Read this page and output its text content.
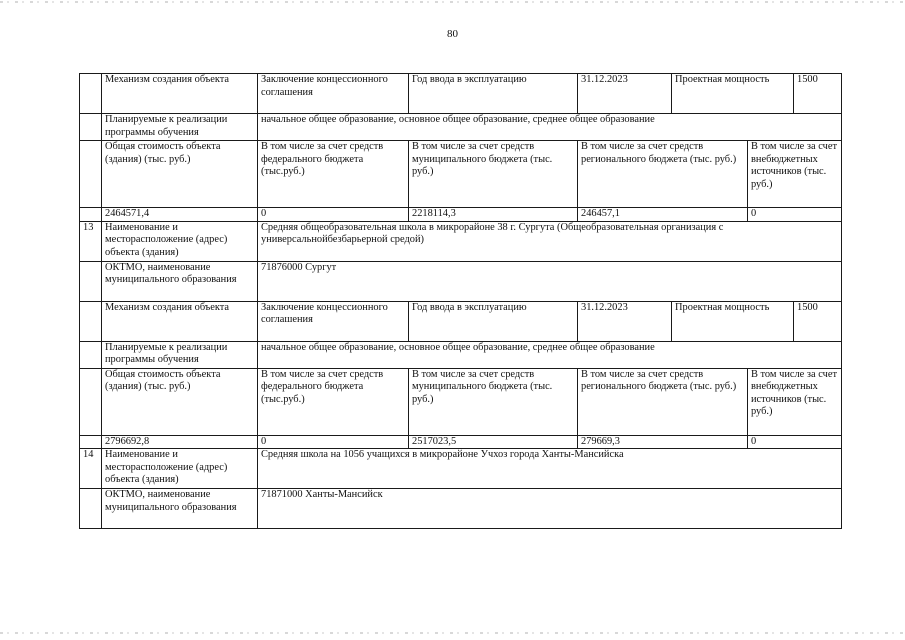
80
	Механизм создания объекта	Заключение концессионного соглашения	Год ввода в эксплуатацию	31.12.2023	Проектная мощность		1500
	Планируемые к реализации программы обучения	начальное общее образование, основное общее образование, среднее общее образование					
	Общая стоимость объекта (здания) (тыс. руб.)	В том числе за счет средств федерального бюджета (тыс.руб.)	В том числе за счет средств муниципального бюджета (тыс. руб.)	В том числе за счет средств регионального бюджета (тыс. руб.)		В том числе за счет внебюджетных источников (тыс. руб.)	
	2464571,4	0	2218114,3	246457,1		0	
13	Наименование и месторасположение (адрес) объекта (здания)	Средняя общеобразовательная школа в микрорайоне 38 г. Сургута (Общеобразовательная организация с универсальнойбезбарьерной средой)					
	ОКТМО, наименование муниципального образования	71876000 Сургут					
	Механизм создания объекта	Заключение концессионного соглашения	Год ввода в эксплуатацию	31.12.2023	Проектная мощность		1500
	Планируемые к реализации программы обучения	начальное общее образование, основное общее образование, среднее общее образование					
	Общая стоимость объекта (здания) (тыс. руб.)	В том числе за счет средств федерального бюджета (тыс.руб.)	В том числе за счет средств муниципального бюджета (тыс. руб.)	В том числе за счет средств регионального бюджета (тыс. руб.)		В том числе за счет внебюджетных источников (тыс. руб.)	
	2796692,8	0	2517023,5	279669,3		0	
14	Наименование и месторасположение (адрес) объекта (здания)	Средняя школа на 1056 учащихся в микрорайоне Учхоз города Ханты-Мансийска					
	ОКТМО, наименование муниципального образования	71871000 Ханты-Мансийск					
